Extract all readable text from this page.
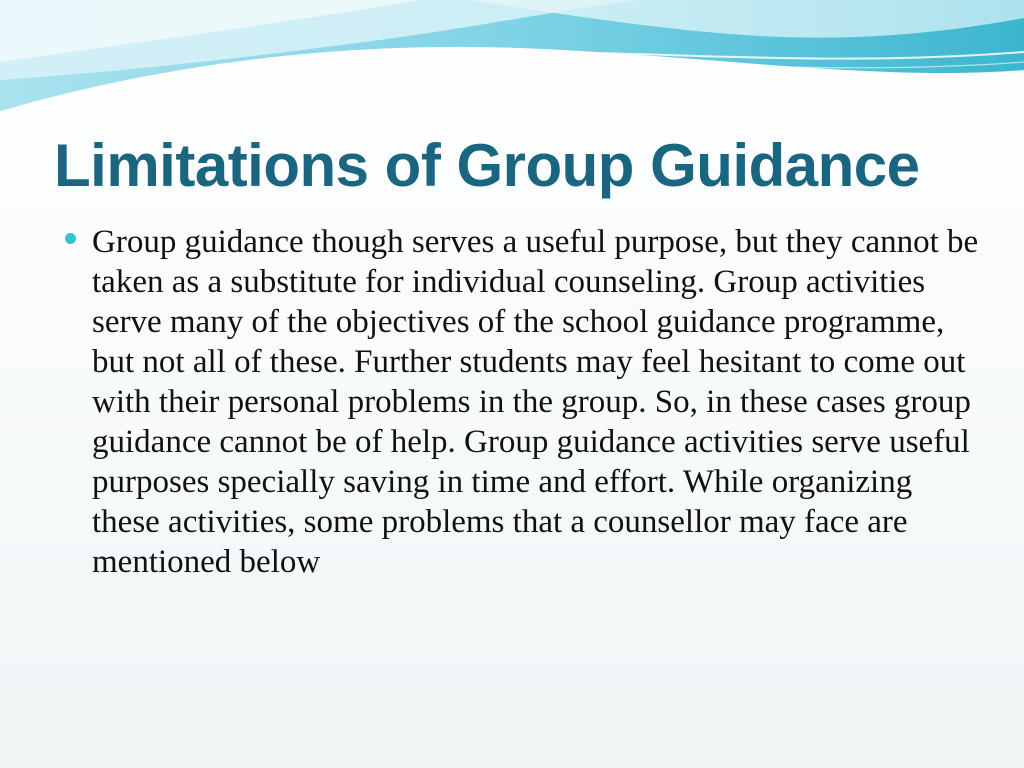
Limitations of Group Guidance

Group guidance though serves a useful purpose, but they cannot be taken as a substitute for individual counseling. Group activities serve many of the objectives of the school guidance programme, but not all of these. Further students may feel hesitant to come out with their personal problems in the group. So, in these cases group guidance cannot be of help. Group guidance activities serve useful purposes specially saving in time and effort. While organizing these activities, some problems that a counsellor may face are mentioned below
